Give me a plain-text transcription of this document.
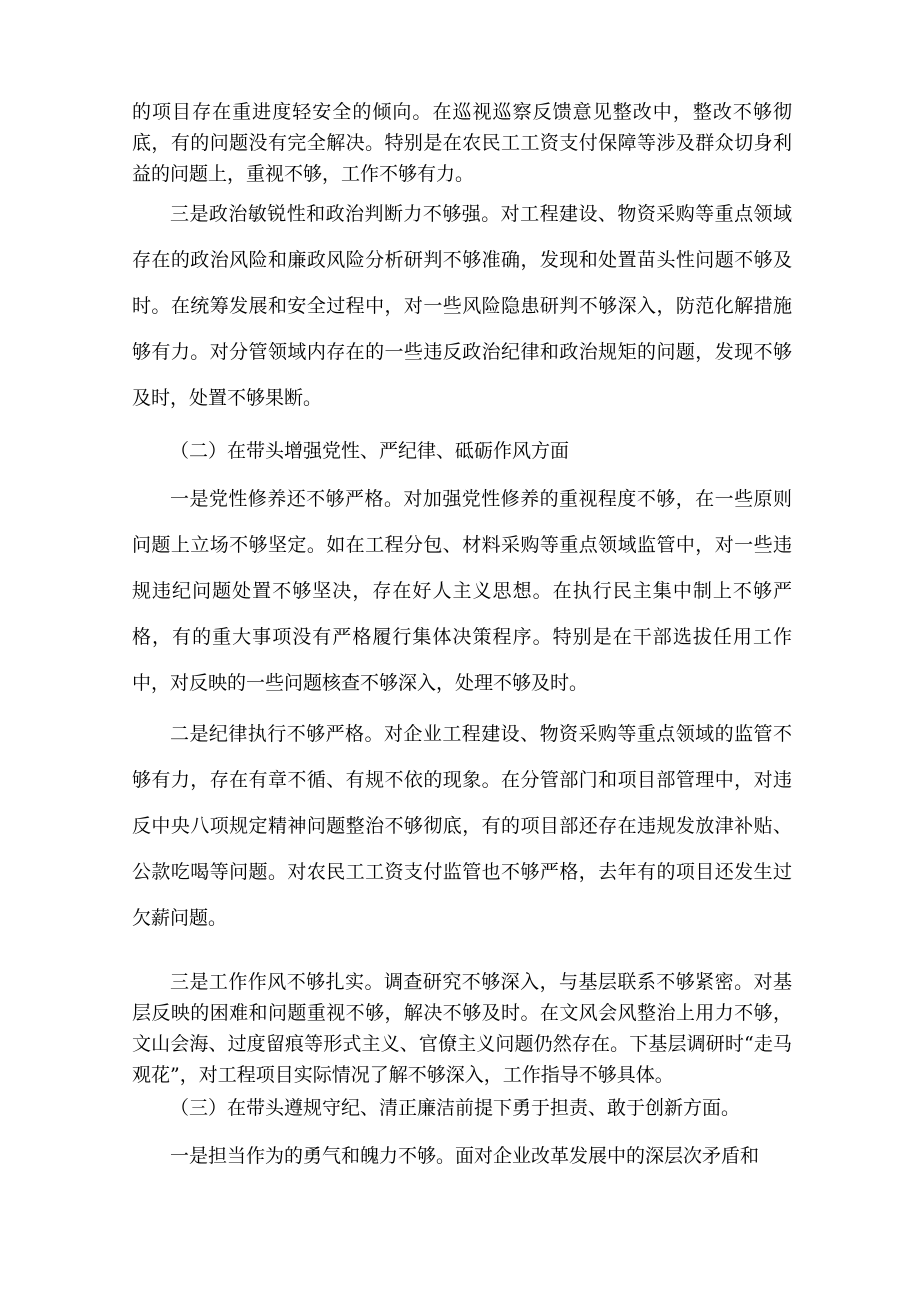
的项目存在重进度轻安全的倾向。在巡视巡察反馈意见整改中，整改不够彻底，有的问题没有完全解决。特别是在农民工工资支付保障等涉及群众切身利益的问题上，重视不够，工作不够有力。

三是政治敏锐性和政治判断力不够强。对工程建设、物资采购等重点领域存在的政治风险和廉政风险分析研判不够准确，发现和处置苗头性问题不够及时。在统筹发展和安全过程中，对一些风险隐患研判不够深入，防范化解措施够有力。对分管领域内存在的一些违反政治纪律和政治规矩的问题，发现不够及时，处置不够果断。

（二）在带头增强党性、严纪律、砥砺作风方面

一是党性修养还不够严格。对加强党性修养的重视程度不够，在一些原则问题上立场不够坚定。如在工程分包、材料采购等重点领域监管中，对一些违规违纪问题处置不够坚决，存在好人主义思想。在执行民主集中制上不够严格，有的重大事项没有严格履行集体决策程序。特别是在干部选拔任用工作中，对反映的一些问题核查不够深入，处理不够及时。

二是纪律执行不够严格。对企业工程建设、物资采购等重点领域的监管不够有力，存在有章不循、有规不依的现象。在分管部门和项目部管理中，对违反中央八项规定精神问题整治不够彻底，有的项目部还存在违规发放津补贴、公款吃喝等问题。对农民工工资支付监管也不够严格，去年有的项目还发生过欠薪问题。

三是工作作风不够扎实。调查研究不够深入，与基层联系不够紧密。对基层反映的困难和问题重视不够，解决不够及时。在文风会风整治上用力不够，文山会海、过度留痕等形式主义、官僚主义问题仍然存在。下基层调研时“走马观花”，对工程项目实际情况了解不够深入，工作指导不够具体。

（三）在带头遵规守纪、清正廉洁前提下勇于担责、敢于创新方面。

一是担当作为的勇气和魄力不够。面对企业改革发展中的深层次矛盾和
